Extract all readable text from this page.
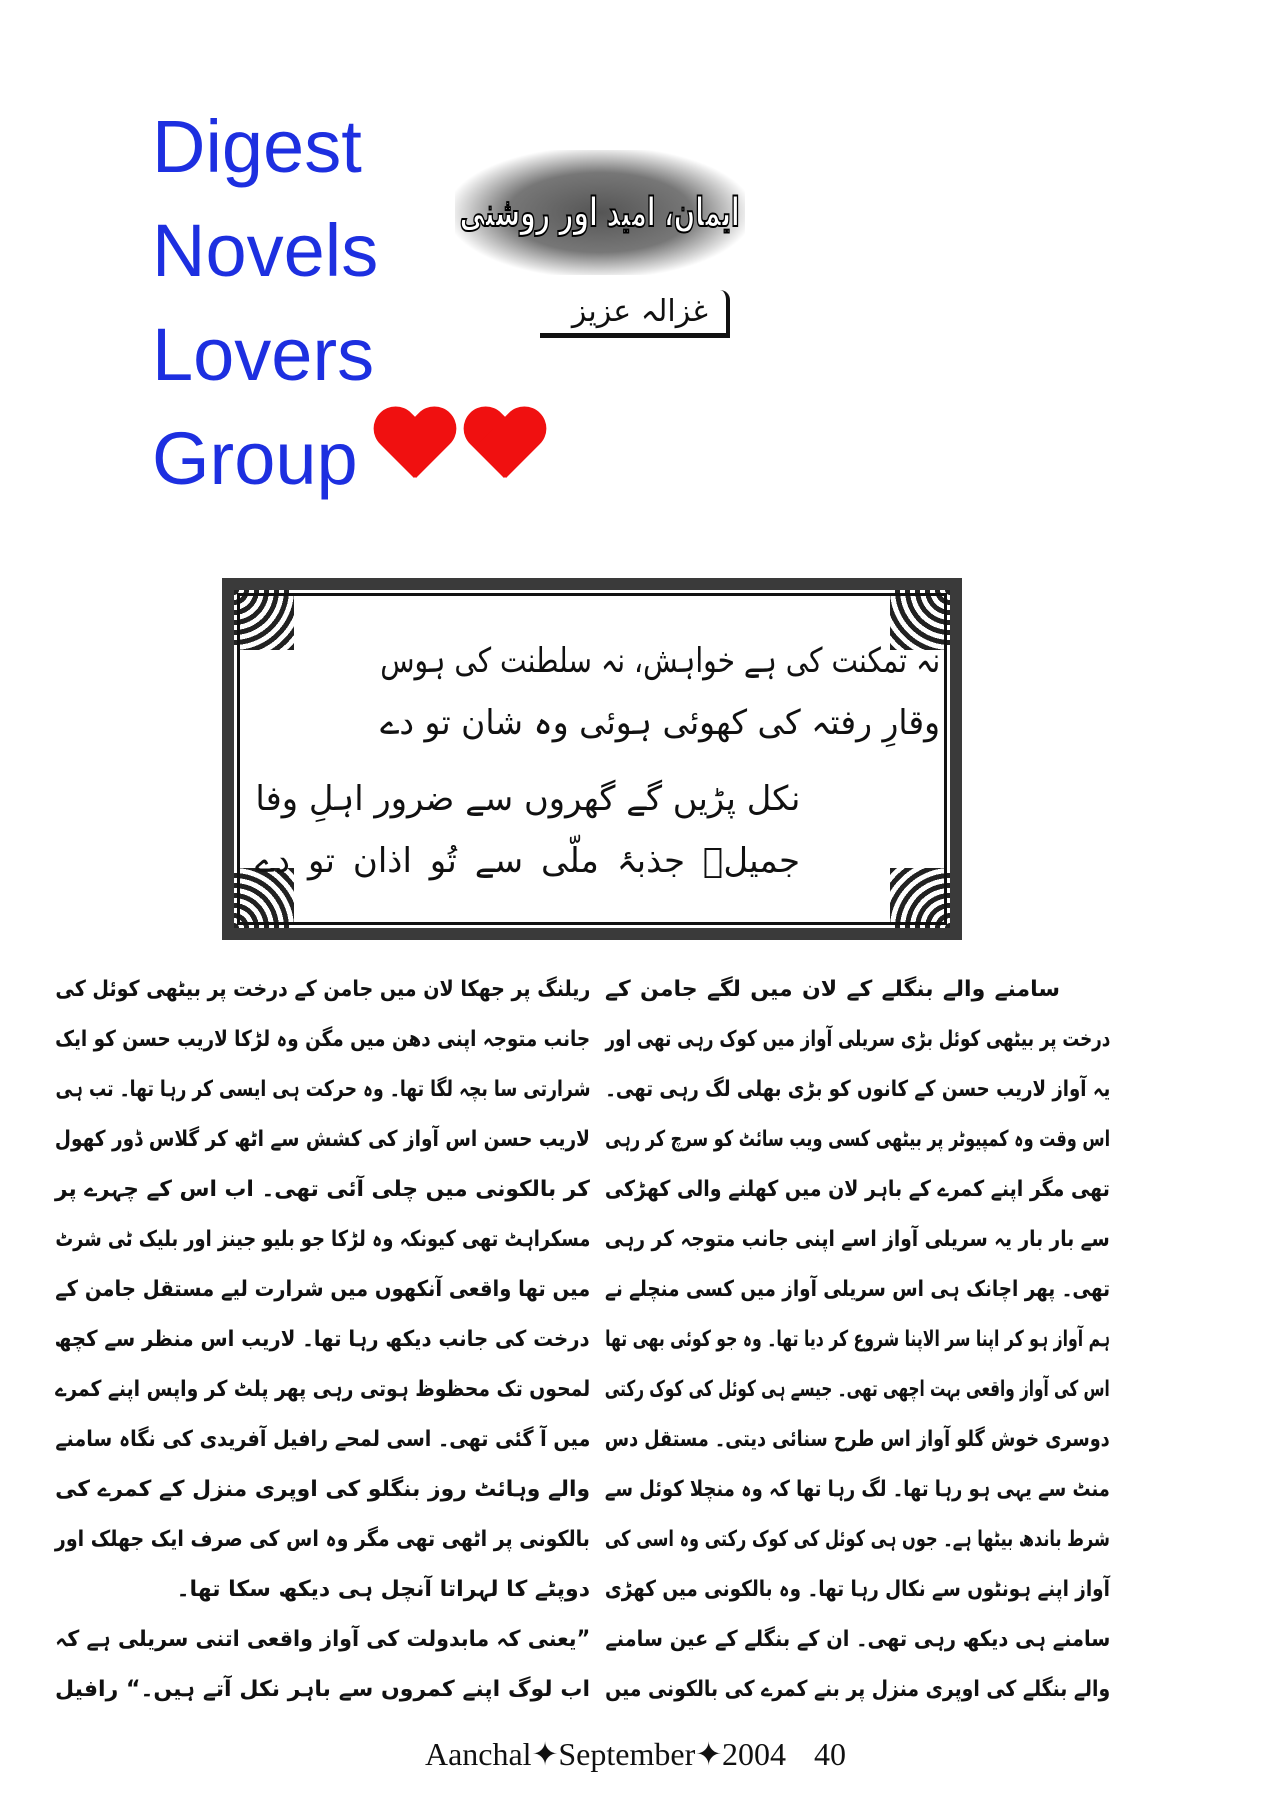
Digest
Novels
Lovers
Group
ایمان، امید اور روشنی
غزالہ عزیز
نہ تمکنت کی ہے خواہش، نہ سلطنت کی ہوس
وقارِ رفتہ کی کھوئی ہوئی وہ شان تو دے
نکل پڑیں گے گھروں سے ضرور اہلِ وفا
جمیلؔ جذبۂ ملّی سے تُو اذان تو دے
سامنے والے بنگلے کے لان میں لگے جامن کے
درخت پر بیٹھی کوئل بڑی سریلی آواز میں کوک رہی تھی اور
یہ آواز لاریب حسن کے کانوں کو بڑی بھلی لگ رہی تھی۔
اس وقت وہ کمپیوٹر پر بیٹھی کسی ویب سائٹ کو سرچ کر رہی
تھی مگر اپنے کمرے کے باہر لان میں کھلنے والی کھڑکی
سے بار بار یہ سریلی آواز اسے اپنی جانب متوجہ کر رہی
تھی۔ پھر اچانک ہی اس سریلی آواز میں کسی منچلے نے
ہم آواز ہو کر اپنا سر الاپنا شروع کر دیا تھا۔ وہ جو کوئی بھی تھا
اس کی آواز واقعی بہت اچھی تھی۔ جیسے ہی کوئل کی کوک رکتی
دوسری خوش گلو آواز اس طرح سنائی دیتی۔ مستقل دس
منٹ سے یہی ہو رہا تھا۔ لگ رہا تھا کہ وہ منچلا کوئل سے
شرط باندھ بیٹھا ہے۔ جوں ہی کوئل کی کوک رکتی وہ اسی کی
آواز اپنے ہونٹوں سے نکال رہا تھا۔ وہ بالکونی میں کھڑی
سامنے ہی دیکھ رہی تھی۔ ان کے بنگلے کے عین سامنے
والے بنگلے کی اوپری منزل پر بنے کمرے کی بالکونی میں
ریلنگ پر جھکا لان میں جامن کے درخت پر بیٹھی کوئل کی
جانب متوجہ اپنی دھن میں مگن وہ لڑکا لاریب حسن کو ایک
شرارتی سا بچہ لگا تھا۔ وہ حرکت ہی ایسی کر رہا تھا۔ تب ہی
لاریب حسن اس آواز کی کشش سے اٹھ کر گلاس ڈور کھول
کر بالکونی میں چلی آئی تھی۔ اب اس کے چہرے پر
مسکراہٹ تھی کیونکہ وہ لڑکا جو بلیو جینز اور بلیک ٹی شرٹ
میں تھا واقعی آنکھوں میں شرارت لیے مستقل جامن کے
درخت کی جانب دیکھ رہا تھا۔ لاریب اس منظر سے کچھ
لمحوں تک محظوظ ہوتی رہی پھر پلٹ کر واپس اپنے کمرے
میں آ گئی تھی۔ اسی لمحے رافیل آفریدی کی نگاہ سامنے
والے وہائٹ روز بنگلو کی اوپری منزل کے کمرے کی
بالکونی پر اٹھی تھی مگر وہ اس کی صرف ایک جھلک اور
دوپٹے کا لہراتا آنچل ہی دیکھ سکا تھا۔
”یعنی کہ مابدولت کی آواز واقعی اتنی سریلی ہے کہ
اب لوگ اپنے کمروں سے باہر نکل آتے ہیں۔“ رافیل
Aanchal✦September✦2004 40
